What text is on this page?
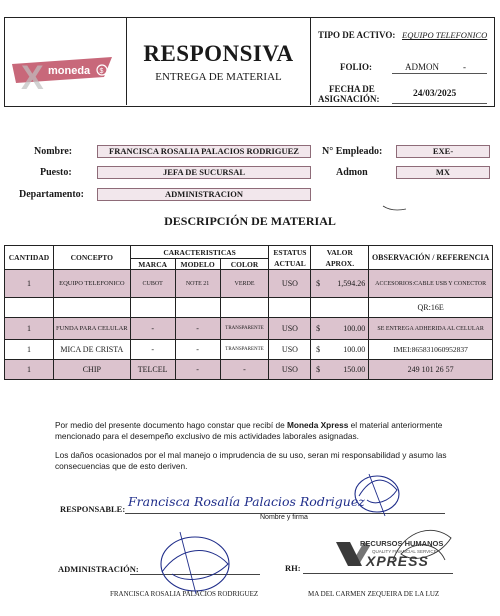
X moneda $
RESPONSIVA
ENTREGA DE MATERIAL
TIPO DE ACTIVO: EQUIPO TELEFONICO
FOLIO:	ADMON	-
FECHA DE
ASIGNACIÓN:	24/03/2025
Nombre:	FRANCISCA ROSALIA PALACIOS RODRIGUEZ	N° Empleado:	EXE-
Puesto:	JEFA DE SUCURSAL	Admon	MX
Departamento:	ADMINISTRACION
DESCRIPCIÓN DE MATERIAL
CANTIDAD	CONCEPTO	CARACTERISTICAS			ESTATUS	VALOR		OBSERVACIÓN / REFERENCIA
		MARCA	MODELO	COLOR	ACTUAL	APROX.		
1	EQUIPO TELEFONICO	CUBOT	NOTE 21	VERDE	USO	$	1,594.26	ACCESORIOS:CABLE USB Y CONECTOR
								QR:16E
1	FUNDA PARA CELULAR	-	-	TRANSPARENTE	USO	$	100.00	SE ENTREGA ADHERIDA AL CELULAR
1	MICA DE CRISTA	-	-	TRANSPARENTE	USO	$	100.00	IMEI:865831060952837
1	CHIP	TELCEL	-	-	USO	$	150.00	249 101 26 57
Por medio del presente documento hago constar que recibí de Moneda Xpress el material anteriormente mencionado para el desempeño exclusivo de mis actividades laborales asignadas.
Los daños ocasionados por el mal manejo o imprudencia de su uso, seran mi responsabilidad y asumo las consecuencias que de esto deriven.
RESPONSABLE: Francisca Rosalía Palacios Rodriguez
Nombre y firma
ADMINISTRACIÓN:
FRANCISCA ROSALIA PALACIOS RODRIGUEZ
RH:
RECURSOS HUMANOS
QUALITY FINANCIAL SERVICE
XPRESS
MA DEL CARMEN ZEQUEIRA DE LA LUZ
